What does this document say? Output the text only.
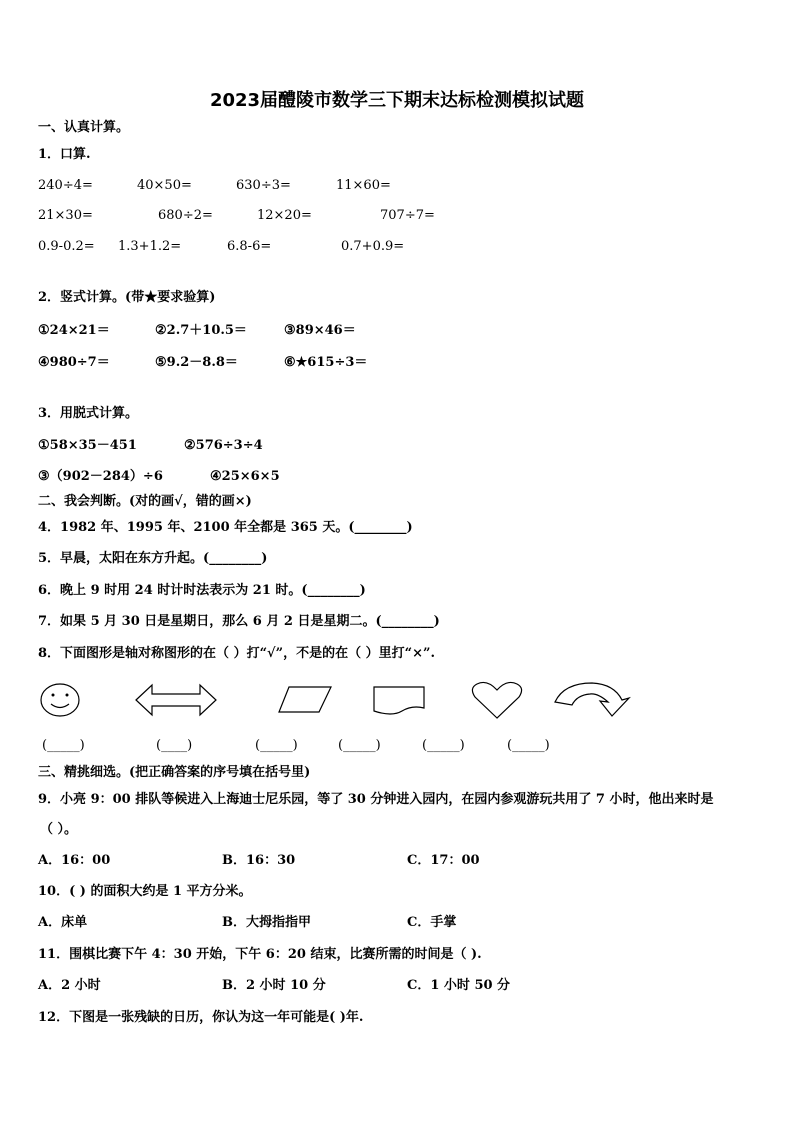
2023届醴陵市数学三下期末达标检测模拟试题
一、认真计算。
1．口算.
240÷4=	40×50=	630÷3=	11×60=
21×30=	680÷2=	12×20=	707÷7=
0.9-0.2= 1.3+1.2=	6.8-6=	0.7+0.9=
2．竖式计算。(带★要求验算)
①24×21＝	②2.7＋10.5＝	③89×46＝
④980÷7＝	⑤9.2－8.8＝	⑥★615÷3＝
3．用脱式计算。
①58×35－451	②576÷3÷4
③（902－284）÷6	④25×6×5
二、我会判断。(对的画√，错的画×)
4．1982 年、1995 年、2100 年全都是 365 天。(________)
5．早晨，太阳在东方升起。(________)
6．晚上 9 时用 24 时计时法表示为 21 时。(________)
7．如果 5 月 30 日是星期日，那么 6 月 2 日是星期二。(________)
8．下面图形是轴对称图形的在（ ）打“√”，不是的在（ ）里打“×”.
(_____)	(____)	(_____)	(_____)	(_____)	(_____)
三、精挑细选。(把正确答案的序号填在括号里)
9．小亮 9：00 排队等候进入上海迪士尼乐园，等了 30 分钟进入园内，在园内参观游玩共用了 7 小时，他出来时是
（ ）。
A．16：00	B．16：30	C．17：00
10．( ) 的面积大约是 1 平方分米。
A．床单	B．大拇指指甲	C．手掌
11．围棋比赛下午 4：30 开始，下午 6：20 结束，比赛所需的时间是（ ).
A．2 小时	B．2 小时 10 分	C．1 小时 50 分
12．下图是一张残缺的日历，你认为这一年可能是( )年.
